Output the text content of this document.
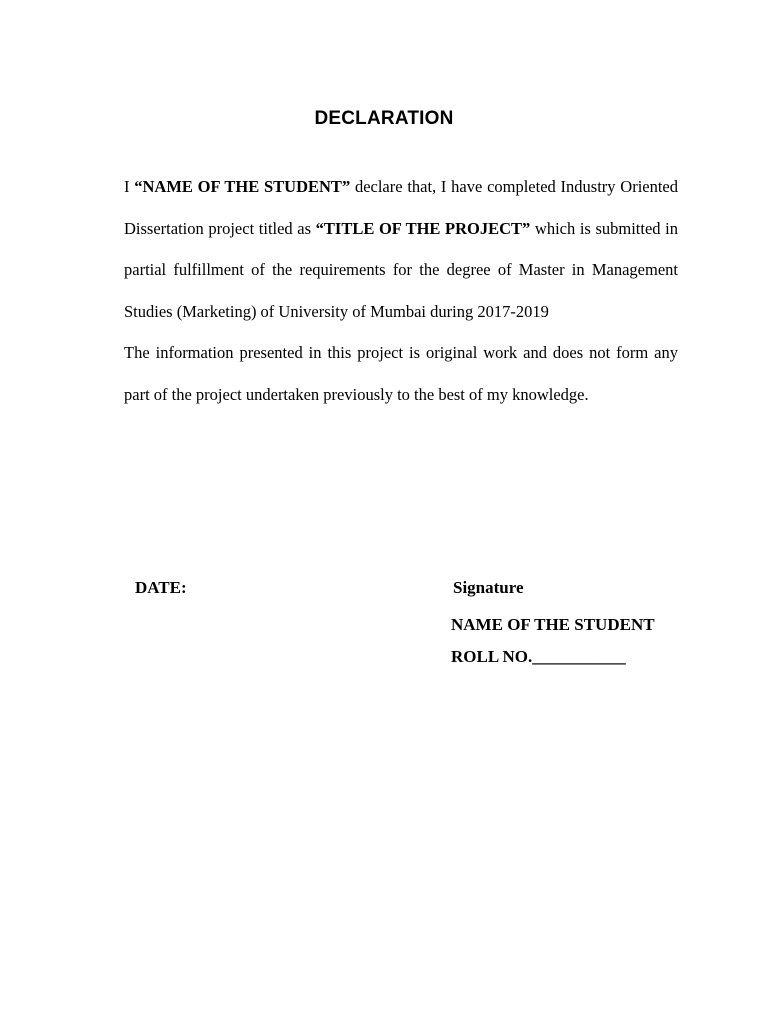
DECLARATION

I “NAME OF THE STUDENT” declare that, I have completed Industry Oriented Dissertation project titled as “TITLE OF THE PROJECT” which is submitted in partial fulfillment of the requirements for the degree of Master in Management Studies (Marketing) of University of Mumbai during 2017-2019

The information presented in this project is original work and does not form any part of the project undertaken previously to the best of my knowledge.

DATE:	Signature
NAME OF THE STUDENT
ROLL NO.___________
